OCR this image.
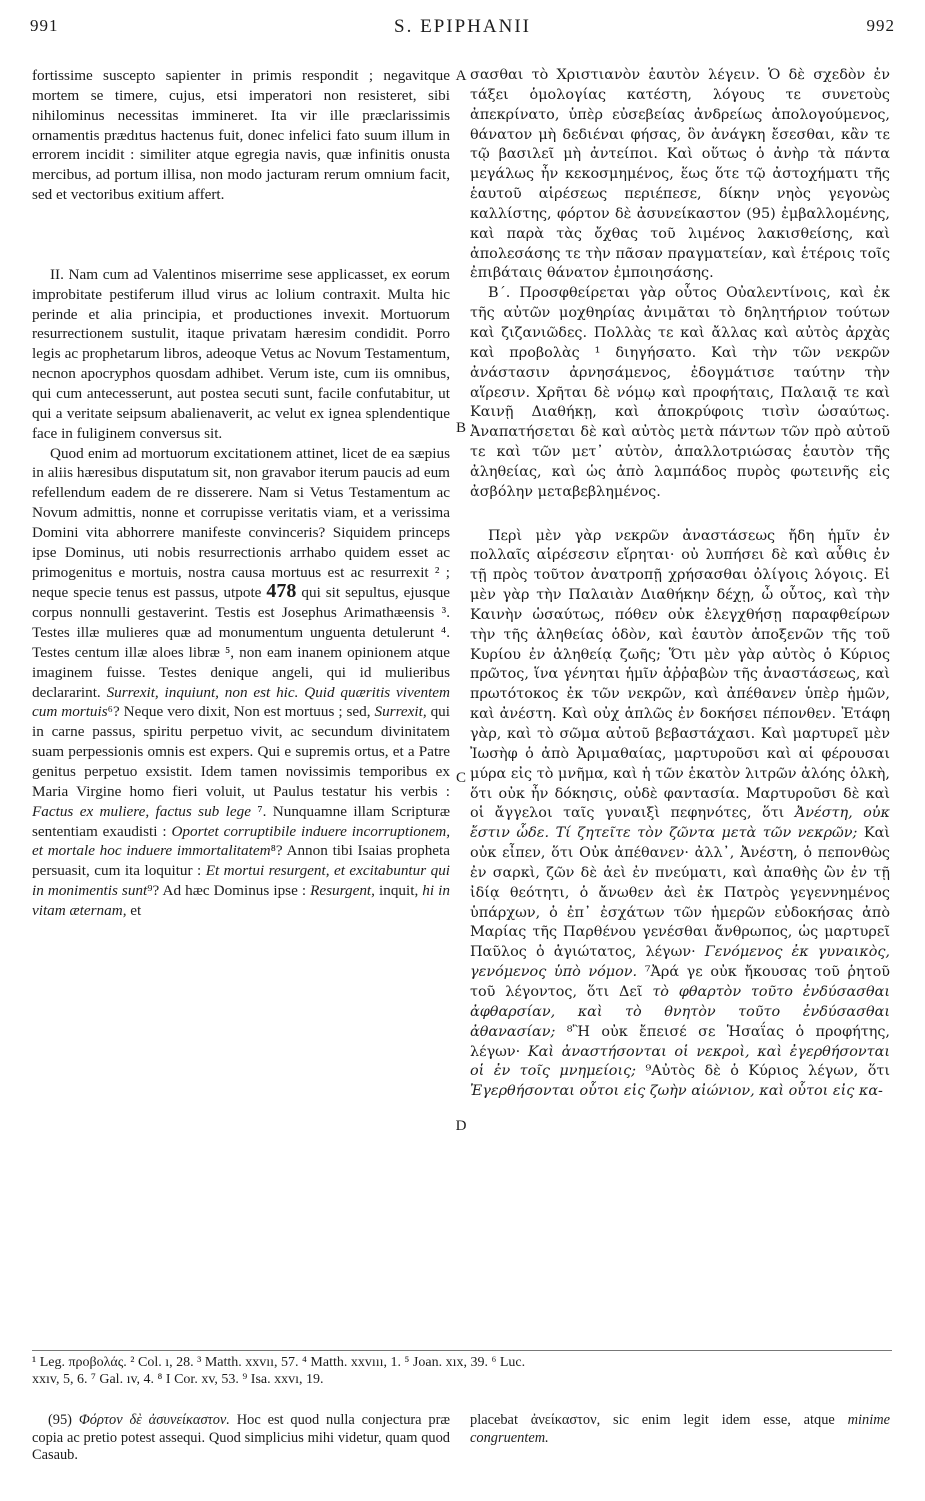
991	S. EPIPHANII	992

fortissime suscepto sapienter in primis respondit ; negavitque mortem se timere, cujus, etsi imperatori non resisteret, sibi nihilominus necessitas immineret. Ita vir ille præclarissimis ornamentis prædıtus hactenus fuit, donec infelici fato suum illum in errorem incidit : similiter atque egregia navis, quæ infinitis onusta mercibus, ad portum illisa, non modo jacturam rerum omnium facit, sed et vectoribus exitium affert.

II. Nam cum ad Valentinos miserrime sese applicasset, ex eorum improbitate pestiferum illud virus ac lolium contraxit. Multa hic perinde et alia principia, et productiones invexit. Mortuorum resurrectionem sustulit, itaque privatam hæresim condidit. Porro legis ac prophetarum libros, adeoque Vetus ac Novum Testamentum, necnon apocryphos quosdam adhibet. Verum iste, cum iis omnibus, qui cum antecesserunt, aut postea secuti sunt, facile confutabitur, ut qui a veritate seipsum abalienaverit, ac velut ex ignea splendentique face in fuliginem conversus sit.

Quod enim ad mortuorum excitationem attinet, licet de ea sæpius in aliis hæresibus disputatum sit, non gravabor iterum paucis ad eum refellendum eadem de re disserere. Nam si Vetus Testamentum ac Novum admittis, nonne et corrupisse veritatis viam, et a verissima Domini vita abhorrere manifeste convinceris? Siquidem princeps ipse Dominus, uti nobis resurrectionis arrhabo quidem esset ac primogenitus e mortuis, nostra causa mortuus est ac resurrexit ² ; neque specie tenus est passus, utpote 478 qui sit sepultus, ejusque corpus nonnulli gestaverint. Testis est Josephus Arimathæensis ³. Testes illæ mulieres quæ ad monumentum unguenta detulerunt ⁴. Testes centum illæ aloes libræ ⁵, non eam inanem opinionem atque imaginem fuisse. Testes denique angeli, qui id mulieribus declararint. Surrexit, inquiunt, non est hic. Quid quæritis viventem cum mortuis⁶? Neque vero dixit, Non est mortuus ; sed, Surrexit, qui in carne passus, spiritu perpetuo vivit, ac secundum divinitatem suam perpessionis omnis est expers. Qui e supremis ortus, et a Patre genitus perpetuo exsistit. Idem tamen novissimis temporibus ex Maria Virgine homo fieri voluit, ut Paulus testatur his verbis : Factus ex muliere, factus sub lege ⁷. Nunquamne illam Scripturæ sententiam exaudisti : Oportet corruptibile induere incorruptionem, et mortale hoc induere immortalitatem⁸? Annon tibi Isaias propheta persuasit, cum ita loquitur : Et mortui resurgent, et excitabuntur qui in monimentis sunt⁹? Ad hæc Dominus ipse : Resurgent, inquit, hi in vitam æternam, et

A
B
C
D

σασθαι τὸ Χριστιανὸν ἑαυτὸν λέγειν. Ὁ δὲ σχεδὸν ἐν τάξει ὁμολογίας κατέστη, λόγους τε συνετοὺς ἀπεκρίνατο, ὑπὲρ εὐσεβείας ἀνδρείως ἀπολογούμενος, θάνατον μὴ δεδιέναι φήσας, ὃν ἀνάγκη ἔσεσθαι, κἂν τε τῷ βασιλεῖ μὴ ἀντείποι. Καὶ οὕτως ὁ ἀνὴρ τὰ πάντα μεγάλως ἦν κεκοσμημένος, ἕως ὅτε τῷ ἀστοχήματι τῆς ἑαυτοῦ αἱρέσεως περιέπεσε, δίκην νηὸς γεγονὼς καλλίστης, φόρτον δὲ ἀσυνείκαστον (95) ἐμβαλλομένης, καὶ παρὰ τὰς ὄχθας τοῦ λιμένος λακισθείσης, καὶ ἀπολεσάσης τε τὴν πᾶσαν πραγματείαν, καὶ ἑτέροις τοῖς ἐπιβάταις θάνατον ἐμποιησάσης.

Β΄. Προσφθείρεται γὰρ οὗτος Οὐαλεντίνοις, καὶ ἐκ τῆς αὐτῶν μοχθηρίας ἀνιμᾶται τὸ δηλητήριον τούτων καὶ ζιζανιῶδες. Πολλὰς τε καὶ ἄλλας καὶ αὐτὸς ἀρχὰς καὶ προβολὰς ¹ διηγήσατο. Καὶ τὴν τῶν νεκρῶν ἀνάστασιν ἀρνησάμενος, ἐδογμάτισε ταύτην τὴν αἵρεσιν. Χρῆται δὲ νόμῳ καὶ προφήταις, Παλαιᾷ τε καὶ Καινῇ Διαθήκῃ, καὶ ἀποκρύφοις τισὶν ὡσαύτως. Ἀναπατήσεται δὲ καὶ αὐτὸς μετὰ πάντων τῶν πρὸ αὐτοῦ τε καὶ τῶν μετ᾽ αὐτὸν, ἀπαλλοτριώσας ἑαυτὸν τῆς ἀληθείας, καὶ ὡς ἀπὸ λαμπάδος πυρὸς φωτεινῆς εἰς ἀσβόλην μεταβεβλημένος.

Περὶ μὲν γὰρ νεκρῶν ἀναστάσεως ἤδη ἡμῖν ἐν πολλαῖς αἱρέσεσιν εἴρηται· οὐ λυπήσει δὲ καὶ αὖθις ἐν τῇ πρὸς τοῦτον ἀνατροπῇ χρήσασθαι ὀλίγοις λόγοις. Εἰ μὲν γὰρ τὴν Παλαιὰν Διαθήκην δέχῃ, ὦ οὗτος, καὶ τὴν Καινὴν ὡσαύτως, πόθεν οὐκ ἐλεγχθήσῃ παραφθείρων τὴν τῆς ἀληθείας ὁδὸν, καὶ ἑαυτὸν ἀποξενῶν τῆς τοῦ Κυρίου ἐν ἀληθείᾳ ζωῆς; Ὅτι μὲν γὰρ αὐτὸς ὁ Κύριος πρῶτος, ἵνα γένηται ἡμῖν ἀῤῥαβὼν τῆς ἀναστάσεως, καὶ πρωτότοκος ἐκ τῶν νεκρῶν, καὶ ἀπέθανεν ὑπὲρ ἡμῶν, καὶ ἀνέστη. Καὶ οὐχ ἁπλῶς ἐν δοκήσει πέπονθεν. Ἐτάφη γὰρ, καὶ τὸ σῶμα αὐτοῦ βεβαστάχασι. Καὶ μαρτυρεῖ μὲν Ἰωσὴφ ὁ ἀπὸ Ἀριμαθαίας, μαρτυροῦσι καὶ αἱ φέρουσαι μύρα εἰς τὸ μνῆμα, καὶ ἡ τῶν ἑκατὸν λιτρῶν ἀλόης ὁλκὴ, ὅτι οὐκ ἦν δόκησις, οὐδὲ φαντασία. Μαρτυροῦσι δὲ καὶ οἱ ἄγγελοι ταῖς γυναιξὶ πεφηνότες, ὅτι Ἀνέστη, οὐκ ἔστιν ὧδε. Τί ζητεῖτε τὸν ζῶντα μετὰ τῶν νεκρῶν; Καὶ οὐκ εἶπεν, ὅτι Οὐκ ἀπέθανεν· ἀλλ᾽, Ἀνέστη, ὁ πεπονθὼς ἐν σαρκὶ, ζῶν δὲ ἀεὶ ἐν πνεύματι, καὶ ἀπαθὴς ὢν ἐν τῇ ἰδίᾳ θεότητι, ὁ ἄνωθεν ἀεὶ ἐκ Πατρὸς γεγεννημένος ὑπάρχων, ὁ ἐπ᾽ ἐσχάτων τῶν ἡμερῶν εὐδοκήσας ἀπὸ Μαρίας τῆς Παρθένου γενέσθαι ἄνθρωπος, ὡς μαρτυρεῖ Παῦλος ὁ ἁγιώτατος, λέγων· Γενόμενος ἐκ γυναικὸς, γενόμενος ὑπὸ νόμον. ⁷Ἀρά γε οὐκ ἤκουσας τοῦ ῥητοῦ τοῦ λέγοντος, ὅτι Δεῖ τὸ φθαρτὸν τοῦτο ἐνδύσασθαι ἀφθαρσίαν, καὶ τὸ θνητὸν τοῦτο ἐνδύσασθαι ἀθανασίαν; ⁸Ἢ οὐκ ἔπεισέ σε Ἡσαΐας ὁ προφήτης, λέγων· Καὶ ἀναστήσονται οἱ νεκροὶ, καὶ ἐγερθήσονται οἱ ἐν τοῖς μνημείοις; ⁹Αὐτὸς δὲ ὁ Κύριος λέγων, ὅτι Ἐγερθήσονται οὗτοι εἰς ζωὴν αἰώνιον, καὶ οὗτοι εἰς κα-

¹ Leg. προβολάς. ² Col. ı, 28. ³ Matth. xxvıı, 57. ⁴ Matth. xxvııı, 1. ⁵ Joan. xıx, 39. ⁶ Luc.

xxıv, 5, 6. ⁷ Gal. ıv, 4. ⁸ I Cor. xv, 53. ⁹ Isa. xxvı, 19.

(95) Φόρτον δὲ ἀσυνείκαστον. Hoc est quod nulla conjectura præ copia ac pretio potest assequi. Quod simplicius mihi videtur, quam quod Casaub.

placebat ἀνείκαστον, sic enim legit idem esse, atque minime congruentem.
